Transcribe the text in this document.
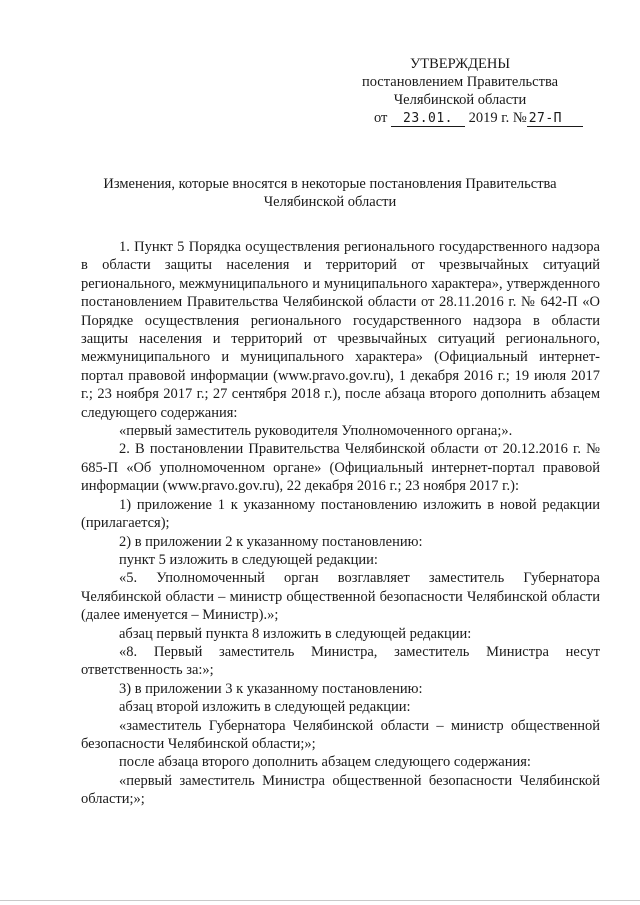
УТВЕРЖДЕНЫ
постановлением Правительства
Челябинской области
от 23.01. 2019 г. № 27-П
Изменения, которые вносятся в некоторые постановления Правительства
Челябинской области

1. Пункт 5 Порядка осуществления регионального государственного надзора в области защиты населения и территорий от чрезвычайных ситуаций регионального, межмуниципального и муниципального характера», утвержденного постановлением Правительства Челябинской области от 28.11.2016 г. № 642-П «О Порядке осуществления регионального государственного надзора в области защиты населения и территорий от чрезвычайных ситуаций регионального, межмуниципального и муниципального характера» (Официальный интернет-портал правовой информации (www.pravo.gov.ru), 1 декабря 2016 г.; 19 июля 2017 г.; 23 ноября 2017 г.; 27 сентября 2018 г.), после абзаца второго дополнить абзацем следующего содержания:

«первый заместитель руководителя Уполномоченного органа;».

2. В постановлении Правительства Челябинской области от 20.12.2016 г. № 685-П «Об уполномоченном органе» (Официальный интернет-портал правовой информации (www.pravo.gov.ru), 22 декабря 2016 г.; 23 ноября 2017 г.):

1) приложение 1 к указанному постановлению изложить в новой редакции (прилагается);

2) в приложении 2 к указанному постановлению:

пункт 5 изложить в следующей редакции:

«5. Уполномоченный орган возглавляет заместитель Губернатора Челябинской области – министр общественной безопасности Челябинской области (далее именуется – Министр).»;

абзац первый пункта 8 изложить в следующей редакции:

«8. Первый заместитель Министра, заместитель Министра несут ответственность за:»;

3) в приложении 3 к указанному постановлению:

абзац второй изложить в следующей редакции:

«заместитель Губернатора Челябинской области – министр общественной безопасности Челябинской области;»;

после абзаца второго дополнить абзацем следующего содержания:

«первый заместитель Министра общественной безопасности Челябинской области;»;
